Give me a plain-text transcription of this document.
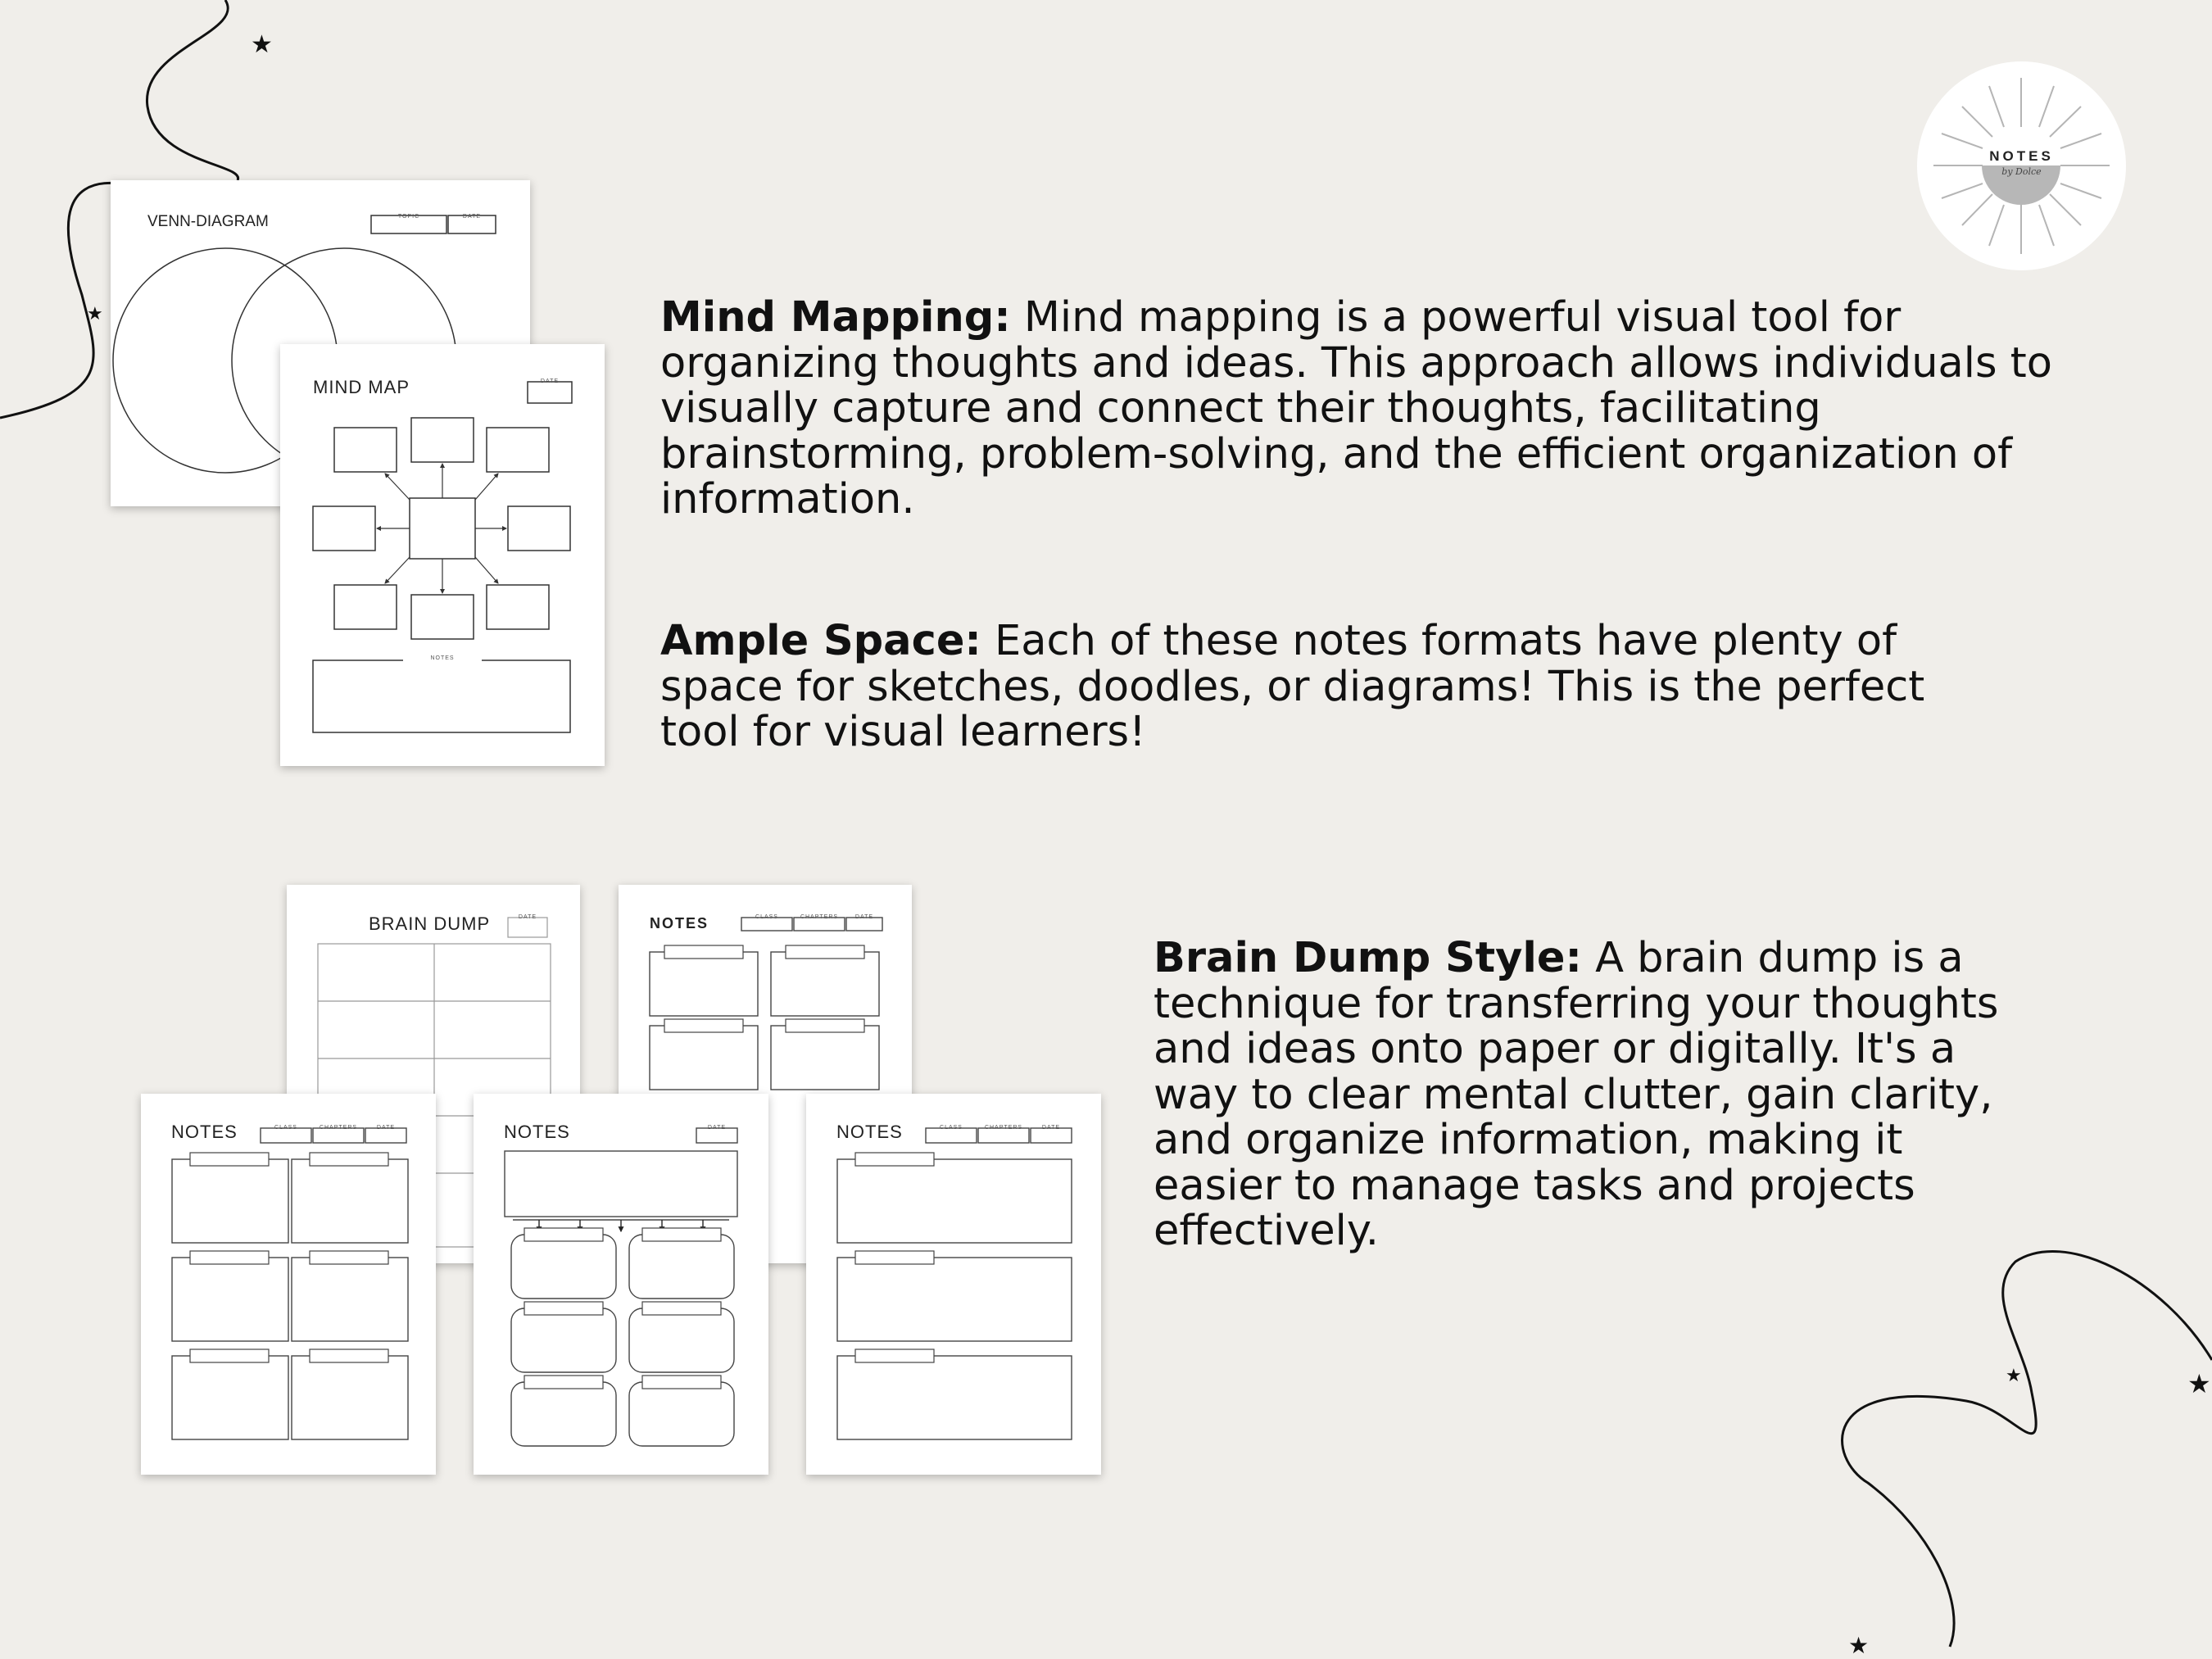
★
★
★	★
★
NOTES
by Dolce
VENN-DIAGRAM	TOPIC	DATE
MIND MAP	DATE
NOTES
BRAIN DUMP	DATE	NOTES	CLASS	CHAPTERS	DATE
NOTES	CLASS	CHAPTERS	DATE	NOTES	DATE	NOTES	CLASS	CHAPTERS	DATE
Mind Mapping: Mind mapping is a powerful visual tool for organizing thoughts and ideas. This approach allows individuals to visually capture and connect their thoughts, facilitating brainstorming, problem-solving, and the efficient organization of information.
Ample Space: Each of these notes formats have plenty of space for sketches, doodles, or diagrams! This is the perfect tool for visual learners!
Brain Dump Style: A brain dump is a technique for transferring your thoughts and ideas onto paper or digitally. It's a way to clear mental clutter, gain clarity, and organize information, making it easier to manage tasks and projects effectively.
